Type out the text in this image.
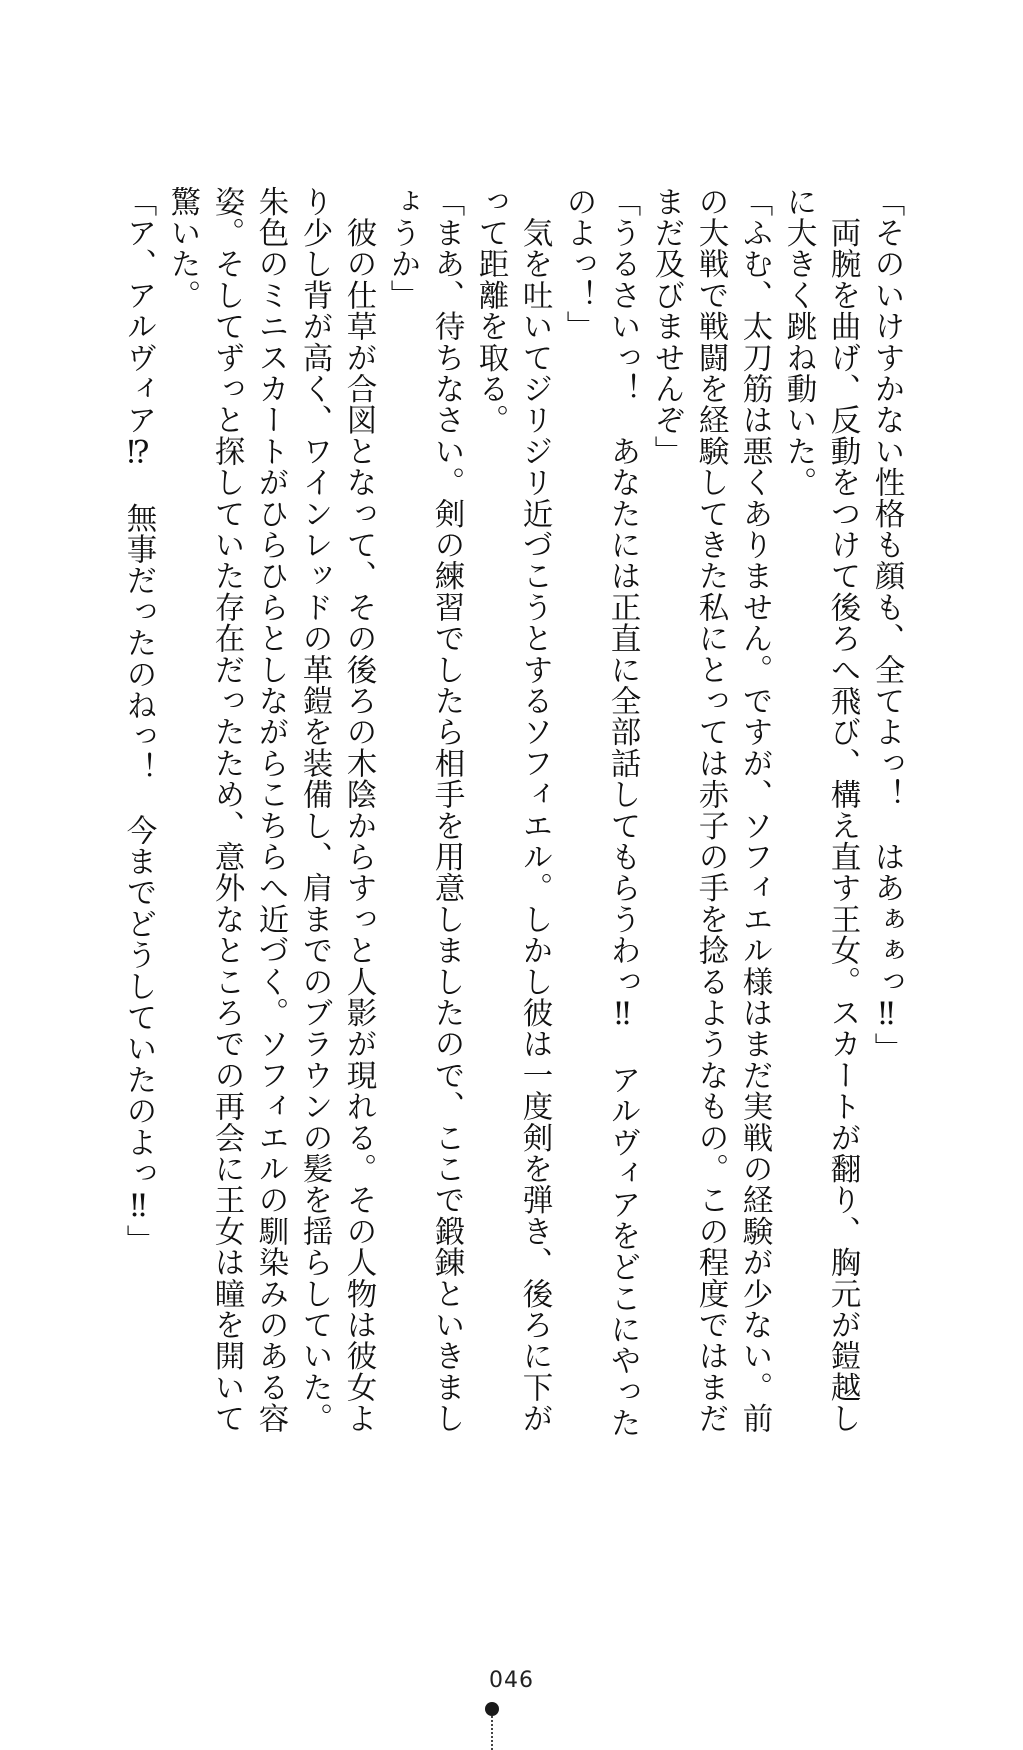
「そのいけすかない性格も顔も、全てよっ！　はあぁぁっ‼」
　両腕を曲げ、反動をつけて後ろへ飛び、構え直す王女。スカートが翻り、胸元が鎧越し
に大きく跳ね動いた。
「ふむ、太刀筋は悪くありません。ですが、ソフィエル様はまだ実戦の経験が少ない。前
の大戦で戦闘を経験してきた私にとっては赤子の手を捻るようなもの。この程度ではまだ
まだ及びませんぞ」
「うるさいっ！　あなたには正直に全部話してもらうわっ‼　アルヴィアをどこにやった
のよっ！」
　気を吐いてジリジリ近づこうとするソフィエル。しかし彼は一度剣を弾き、後ろに下が
って距離を取る。
「まあ、待ちなさい。剣の練習でしたら相手を用意しましたので、ここで鍛錬といきまし
ょうか」
　彼の仕草が合図となって、その後ろの木陰からすっと人影が現れる。その人物は彼女よ
り少し背が高く、ワインレッドの革鎧を装備し、肩までのブラウンの髪を揺らしていた。
朱色のミニスカートがひらひらとしながらこちらへ近づく。ソフィエルの馴染みのある容
姿。そしてずっと探していた存在だったため、意外なところでの再会に王女は瞳を開いて
驚いた。
「ア、アルヴィア⁉　無事だったのねっ！　今までどうしていたのよっ‼」
046
